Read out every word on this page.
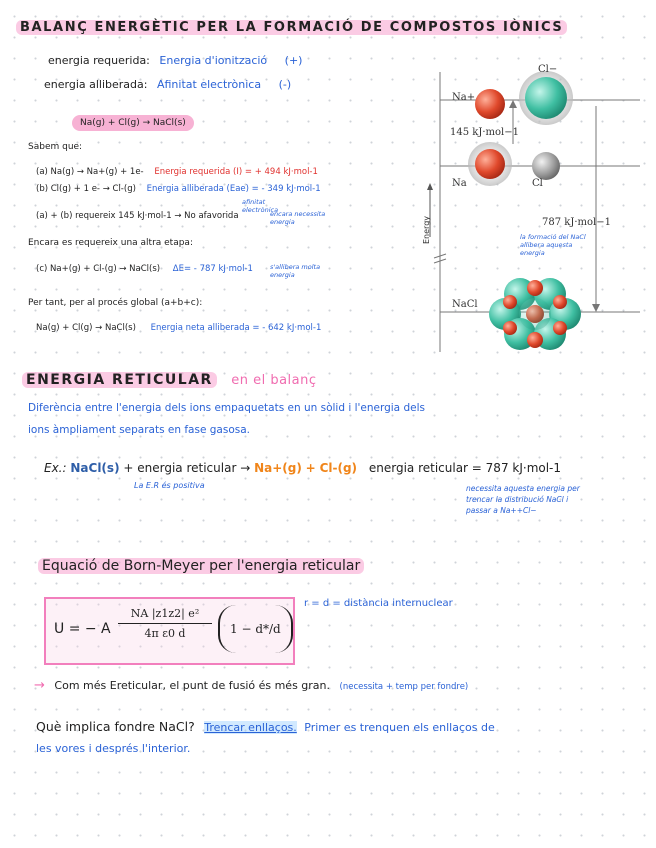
BALANÇ ENERGÈTIC PER LA FORMACIÓ DE COMPOSTOS IÒNICS
energia requerida: Energia d'ionització (+)
energia alliberada: Afinitat electrònica (-)
Na(g) + Cl(g) → NaCl(s)
Sabem que:
(a) Na(g) → Na+(g) + 1e- Energia requerida (I) = + 494 kJ·mol-1
(b) Cl(g) + 1 e- → Cl-(g) Energia alliberada (Eae) = - 349 kJ·mol-1
afinitat electrònica
(a) + (b) requereix 145 kJ·mol-1 → No afavorida	encara necessita energia
Encara es requereix una altra etapa:
(c) Na+(g) + Cl-(g) → NaCl(s) ΔE= - 787 kJ·mol-1	s'allibera molta energia
Per tant, per al procés global (a+b+c):
Na(g) + Cl(g) → NaCl(s) Energia neta alliberada = - 642 kJ·mol-1
Na+
Cl−
Na	Cl
NaCl
145 kJ·mol−1
787 kJ·mol−1
Energy	la formació del NaCl allibera aquesta energia
ENERGIA RETICULAR en el balanç
Diferència entre l'energia dels ions empaquetats en un sòlid i l'energia dels
ions àmpliament separats en fase gasosa.
Ex.: NaCl(s) + energia reticular → Na+(g) + Cl-(g) energia reticular = 787 kJ·mol-1
La E.R és positiva	necessita aquesta energia per trencar la distribució NaCl i passar a Na++Cl−
Equació de Born-Meyer per l'energia reticular
U = − A
NA |z1z2| e²
4π ε0 d	1 − d*/d
r = d = distància internuclear
→ Com més Ereticular, el punt de fusió és més gran. (necessita + temp per fondre)
Què implica fondre NaCl? Trencar enllaços. Primer es trenquen els enllaços de
les vores i després l'interior.
